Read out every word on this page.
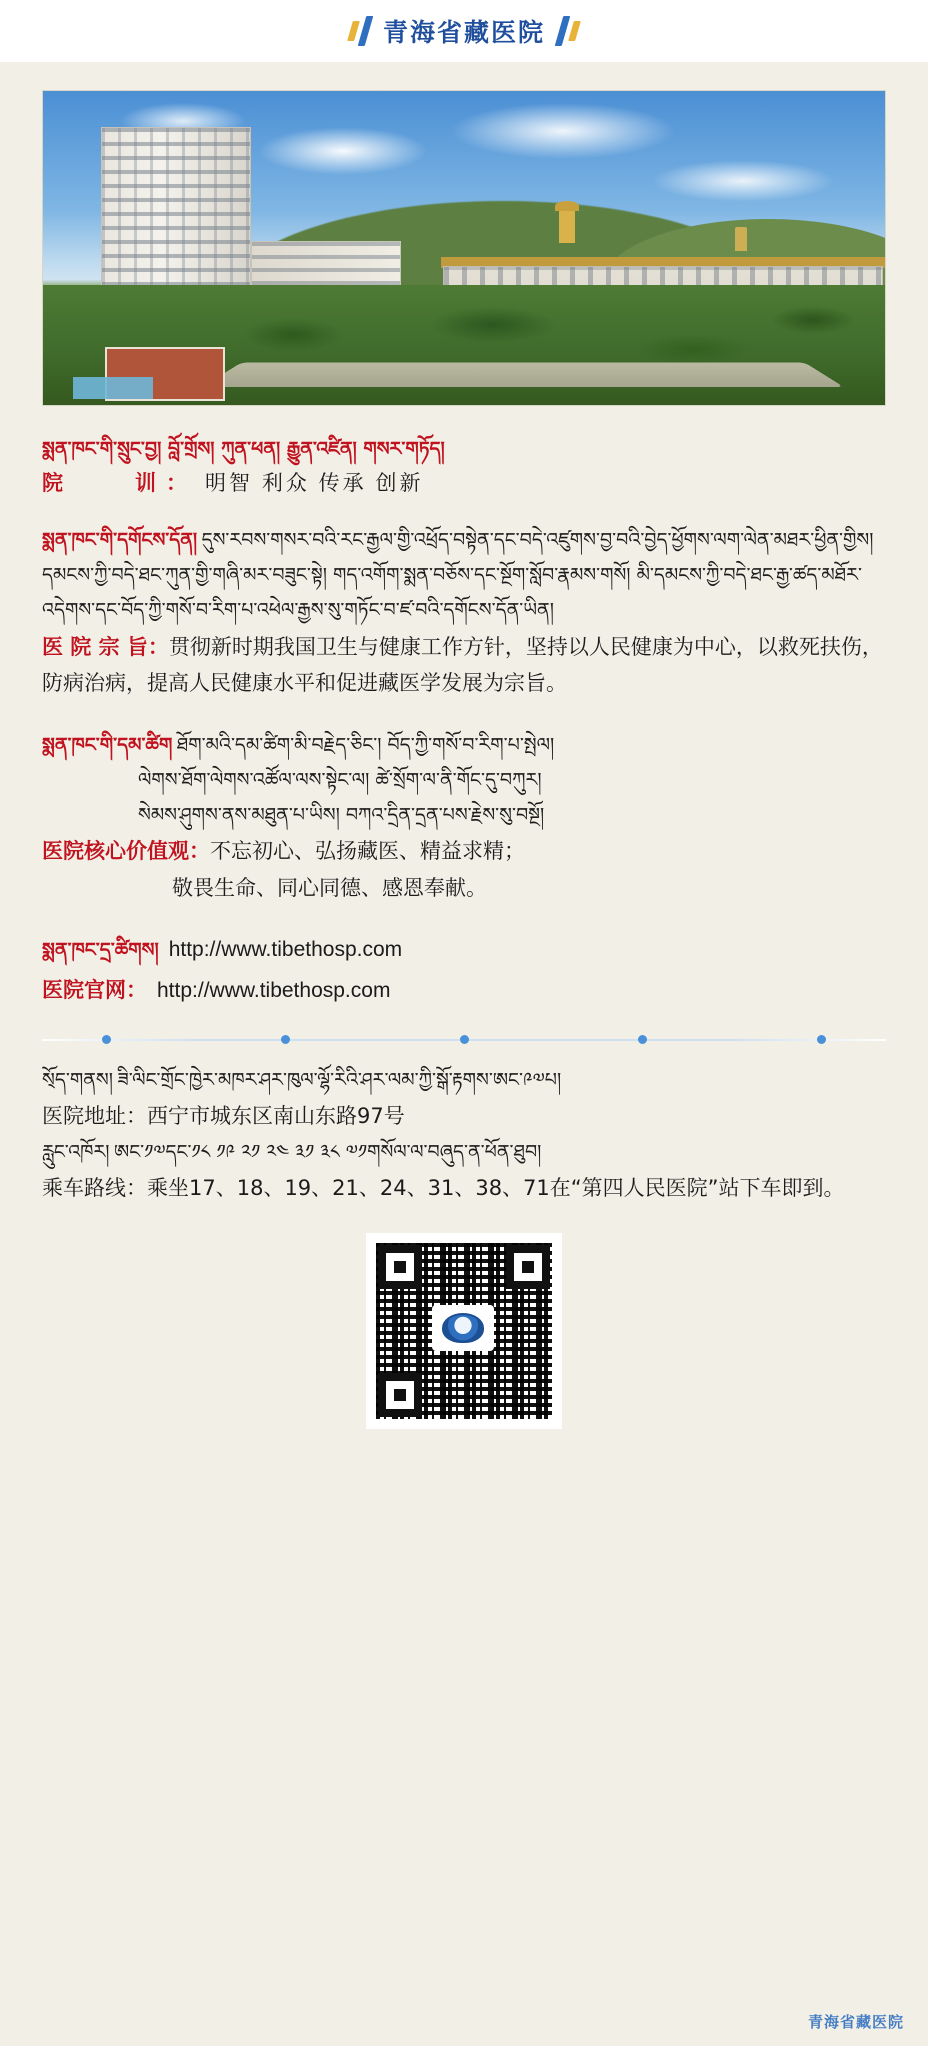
青海省藏医院
སྨན་ཁང་གི་སྲུང་བྱ། བློ་གྲོས། ཀུན་ཕན། རྒྱུན་འཛིན། གསར་གཏོད།
院　　训： 明智 利众 传承 创新
སྨན་ཁང་གི་དགོངས་དོན། དུས་རབས་གསར་བའི་རང་རྒྱལ་གྱི་འཕྲོད་བསྟེན་དང་བདེ་འཛུགས་བྱ་བའི་བྱེད་ཕྱོགས་ལག་ལེན་མཐར་ཕྱིན་གྱིས། དམངས་ཀྱི་བདེ་ཐང་ཀུན་གྱི་གཞི་མར་བཟུང་སྟེ། གད་འགོག་སྨན་བཅོས་དང་སྔོག་སློབ་རྣམས་གསོ། མི་དམངས་ཀྱི་བདེ་ཐང་རྒྱ་ཚད་མཐོར་འདེགས་དང་བོད་ཀྱི་གསོ་བ་རིག་པ་འཕེལ་རྒྱས་སུ་གཏོང་བ་ཛ་བའི་དགོངས་དོན་ཡིན།
医 院 宗 旨：贯彻新时期我国卫生与健康工作方针，坚持以人民健康为中心，以救死扶伤，防病治病，提高人民健康水平和促进藏医学发展为宗旨。
སྨན་ཁང་གི་དམ་ཚིག ཐོག་མའི་དམ་ཚིག་མི་བརྗེད་ཅིང་། བོད་ཀྱི་གསོ་བ་རིག་པ་སྤེལ།
ལེགས་ཐོག་ལེགས་འཚོལ་ལས་སྟེང་ལ། ཚེ་སྲོག་ལ་ནི་གོང་དུ་བཀུར།
སེམས་ཤུགས་ནས་མཐུན་པ་ཡིས། བཀའ་དྲིན་དྲན་པས་རྗེས་སུ་བསྔོ།
医院核心价值观：不忘初心、弘扬藏医、精益求精；
敬畏生命、同心同德、感恩奉献。
སྨན་ཁང་དྲ་ཚིགས། http://www.tibethosp.com
医院官网： http://www.tibethosp.com
ས྄ོད་གནས། ཟི་ལིང་གྲོང་ཁྱེར་མཁར་ཤར་ཁུལ་ལྷོ་རིའི་ཤར་ལམ་ཀྱི་སྒོ་རྟགས་ཨང་༩༧པ།
医院地址：西宁市城东区南山东路97号
རླུང་འཁོར། ཨང་༡༧དང་༡༨ ༡༩ ༢༡ ༢༤ ༣༡ ༣༨ ༧༡གསོལ་ལ་བཞུད་ན་ཕོན་ཐུབ།
乘车路线：乘坐17、18、19、21、24、31、38、71在“第四人民医院”站下车即到。
青海省藏医院
